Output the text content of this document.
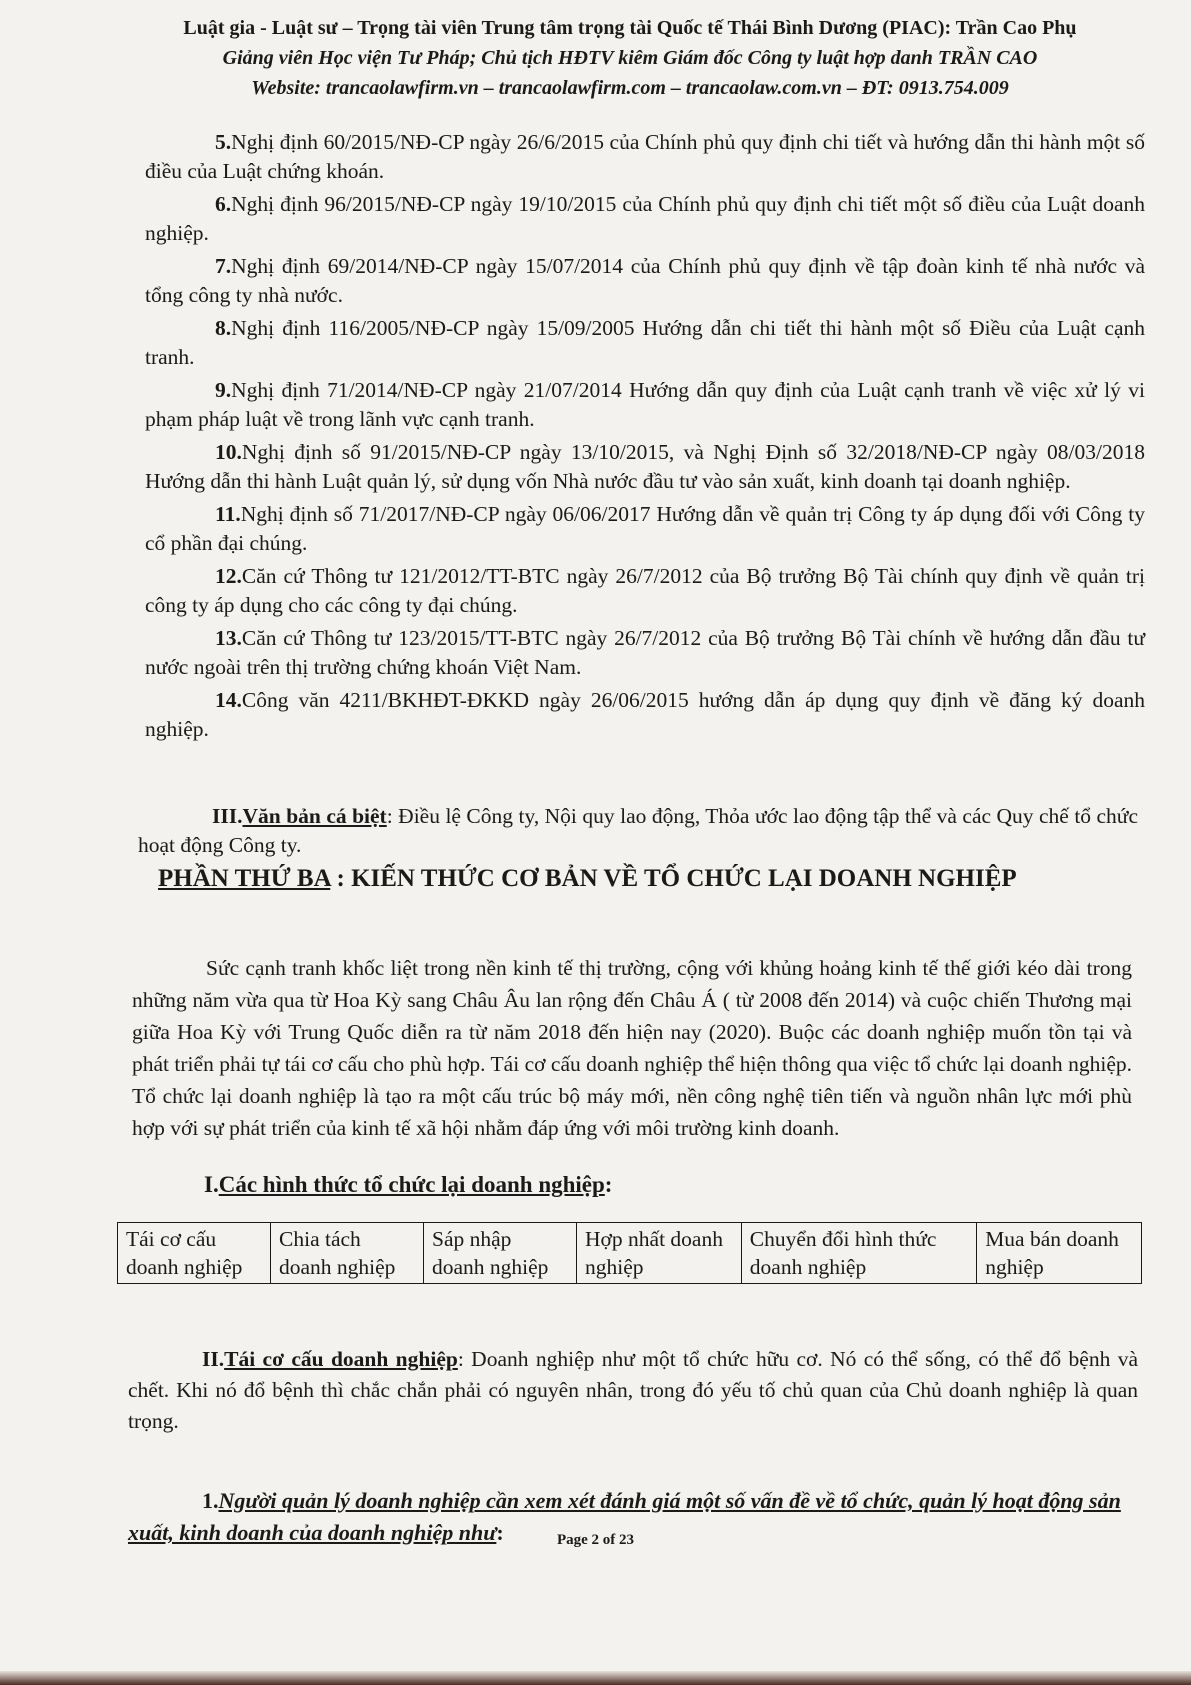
Luật gia - Luật sư – Trọng tài viên Trung tâm trọng tài Quốc tế Thái Bình Dương (PIAC): Trần Cao Phụ
Giảng viên Học viện Tư Pháp; Chủ tịch HĐTV kiêm Giám đốc Công ty luật hợp danh TRẦN CAO
Website: trancaolawfirm.vn – trancaolawfirm.com – trancaolaw.com.vn – ĐT: 0913.754.009

5.Nghị định 60/2015/NĐ-CP ngày 26/6/2015 của Chính phủ quy định chi tiết và hướng dẫn thi hành một số điều của Luật chứng khoán.

6.Nghị định 96/2015/NĐ-CP ngày 19/10/2015 của Chính phủ quy định chi tiết một số điều của Luật doanh nghiệp.

7.Nghị định 69/2014/NĐ-CP ngày 15/07/2014 của Chính phủ quy định về tập đoàn kinh tế nhà nước và tổng công ty nhà nước.

8.Nghị định 116/2005/NĐ-CP ngày 15/09/2005 Hướng dẫn chi tiết thi hành một số Điều của Luật cạnh tranh.

9.Nghị định 71/2014/NĐ-CP ngày 21/07/2014 Hướng dẫn quy định của Luật cạnh tranh về việc xử lý vi phạm pháp luật về trong lãnh vực cạnh tranh.

10.Nghị định số 91/2015/NĐ-CP ngày 13/10/2015, và Nghị Định số 32/2018/NĐ-CP ngày 08/03/2018 Hướng dẫn thi hành Luật quản lý, sử dụng vốn Nhà nước đầu tư vào sản xuất, kinh doanh tại doanh nghiệp.

11.Nghị định số 71/2017/NĐ-CP ngày 06/06/2017 Hướng dẫn về quản trị Công ty áp dụng đối với Công ty cổ phần đại chúng.

12.Căn cứ Thông tư 121/2012/TT-BTC ngày 26/7/2012 của Bộ trưởng Bộ Tài chính quy định về quản trị công ty áp dụng cho các công ty đại chúng.

13.Căn cứ Thông tư 123/2015/TT-BTC ngày 26/7/2012 của Bộ trưởng Bộ Tài chính về hướng dẫn đầu tư nước ngoài trên thị trường chứng khoán Việt Nam.

14.Công văn 4211/BKHĐT-ĐKKD ngày 26/06/2015 hướng dẫn áp dụng quy định về đăng ký doanh nghiệp.

III.Văn bản cá biệt: Điều lệ Công ty, Nội quy lao động, Thỏa ước lao động tập thể và các Quy chế tổ chức hoạt động Công ty.

PHẦN THỨ BA : KIẾN THỨC CƠ BẢN VỀ TỔ CHỨC LẠI DOANH NGHIỆP

Sức cạnh tranh khốc liệt trong nền kinh tế thị trường, cộng với khủng hoảng kinh tế thế giới kéo dài trong những năm vừa qua từ Hoa Kỳ sang Châu Âu lan rộng đến Châu Á ( từ 2008 đến 2014) và cuộc chiến Thương mại giữa Hoa Kỳ với Trung Quốc diễn ra từ năm 2018 đến hiện nay (2020). Buộc các doanh nghiệp muốn tồn tại và phát triển phải tự tái cơ cấu cho phù hợp. Tái cơ cấu doanh nghiệp thể hiện thông qua việc tổ chức lại doanh nghiệp. Tổ chức lại doanh nghiệp là tạo ra một cấu trúc bộ máy mới, nền công nghệ tiên tiến và nguồn nhân lực mới phù hợp với sự phát triển của kinh tế xã hội nhằm đáp ứng với môi trường kinh doanh.

I.Các hình thức tổ chức lại doanh nghiệp:
Tái cơ cấu doanh nghiệp	Chia tách doanh nghiệp	Sáp nhập doanh nghiệp	Hợp nhất doanh nghiệp	Chuyển đổi hình thức doanh nghiệp	Mua bán doanh nghiệp

II.Tái cơ cấu doanh nghiệp: Doanh nghiệp như một tổ chức hữu cơ. Nó có thể sống, có thể đổ bệnh và chết. Khi nó đổ bệnh thì chắc chắn phải có nguyên nhân, trong đó yếu tố chủ quan của Chủ doanh nghiệp là quan trọng.

1.Người quản lý doanh nghiệp cần xem xét đánh giá một số vấn đề về tổ chức, quản lý hoạt động sản xuất, kinh doanh của doanh nghiệp như:	Page 2 of 23
